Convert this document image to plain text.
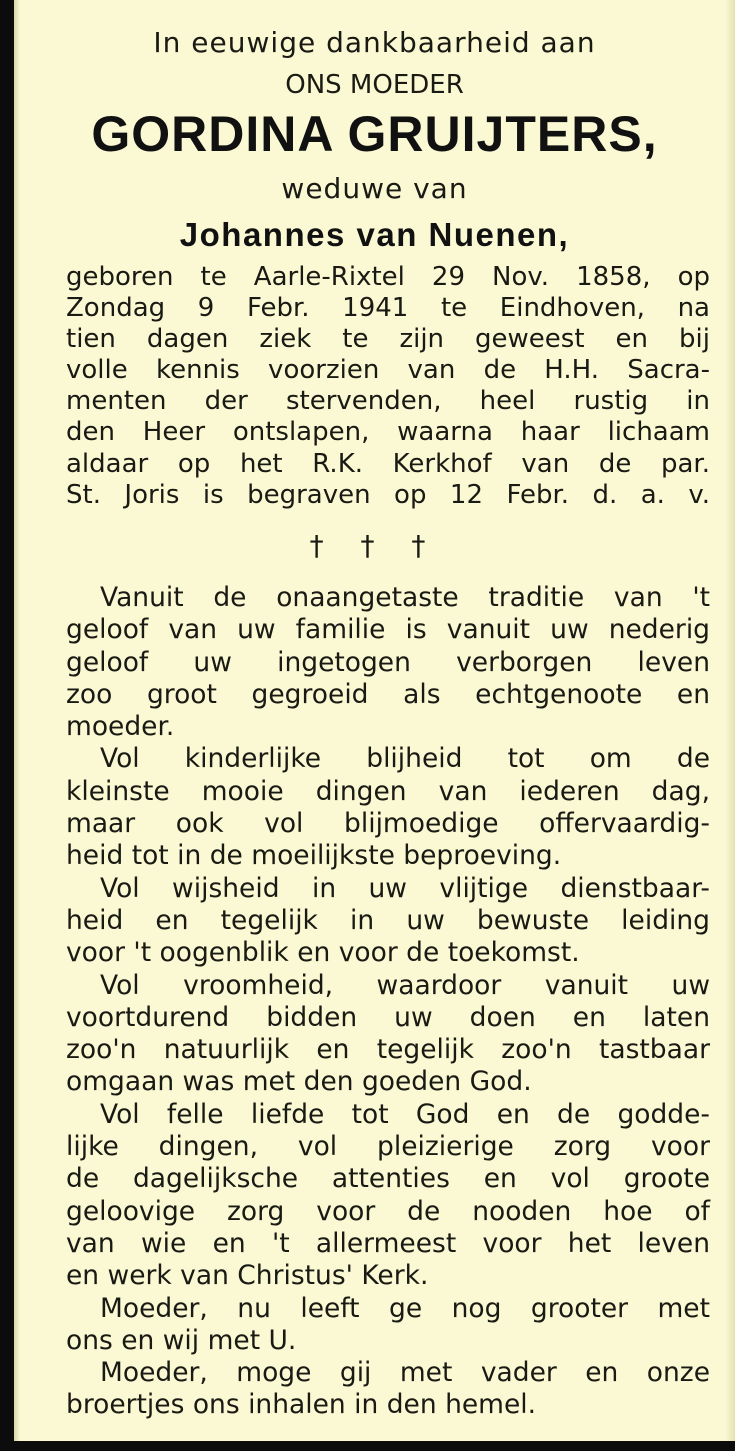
In eeuwige dankbaarheid aan

ONS MOEDER

GORDINA GRUIJTERS,

weduwe van

Johannes van Nuenen,
geboren te Aarle-Rixtel 29 Nov. 1858, op
Zondag 9 Febr. 1941 te Eindhoven, na
tien dagen ziek te zijn geweest en bij
volle kennis voorzien van de H.H. Sacra-
menten der stervenden, heel rustig in
den Heer ontslapen, waarna haar lichaam
aldaar op het R.K. Kerkhof van de par.
St. Joris is begraven op 12 Febr. d. a. v.

† † †

Vanuit de onaangetaste traditie van 't
geloof van uw familie is vanuit uw nederig
geloof uw ingetogen verborgen leven
zoo groot gegroeid als echtgenoote en
moeder.
Vol kinderlijke blijheid tot om de
kleinste mooie dingen van iederen dag,
maar ook vol blijmoedige offervaardig-
heid tot in de moeilijkste beproeving.
Vol wijsheid in uw vlijtige dienstbaar-
heid en tegelijk in uw bewuste leiding
voor 't oogenblik en voor de toekomst.
Vol vroomheid, waardoor vanuit uw
voortdurend bidden uw doen en laten
zoo'n natuurlijk en tegelijk zoo'n tastbaar
omgaan was met den goeden God.
Vol felle liefde tot God en de godde-
lijke dingen, vol pleizierige zorg voor
de dagelijksche attenties en vol groote
geloovige zorg voor de nooden hoe of
van wie en 't allermeest voor het leven
en werk van Christus' Kerk.
Moeder, nu leeft ge nog grooter met
ons en wij met U.
Moeder, moge gij met vader en onze
broertjes ons inhalen in den hemel.
